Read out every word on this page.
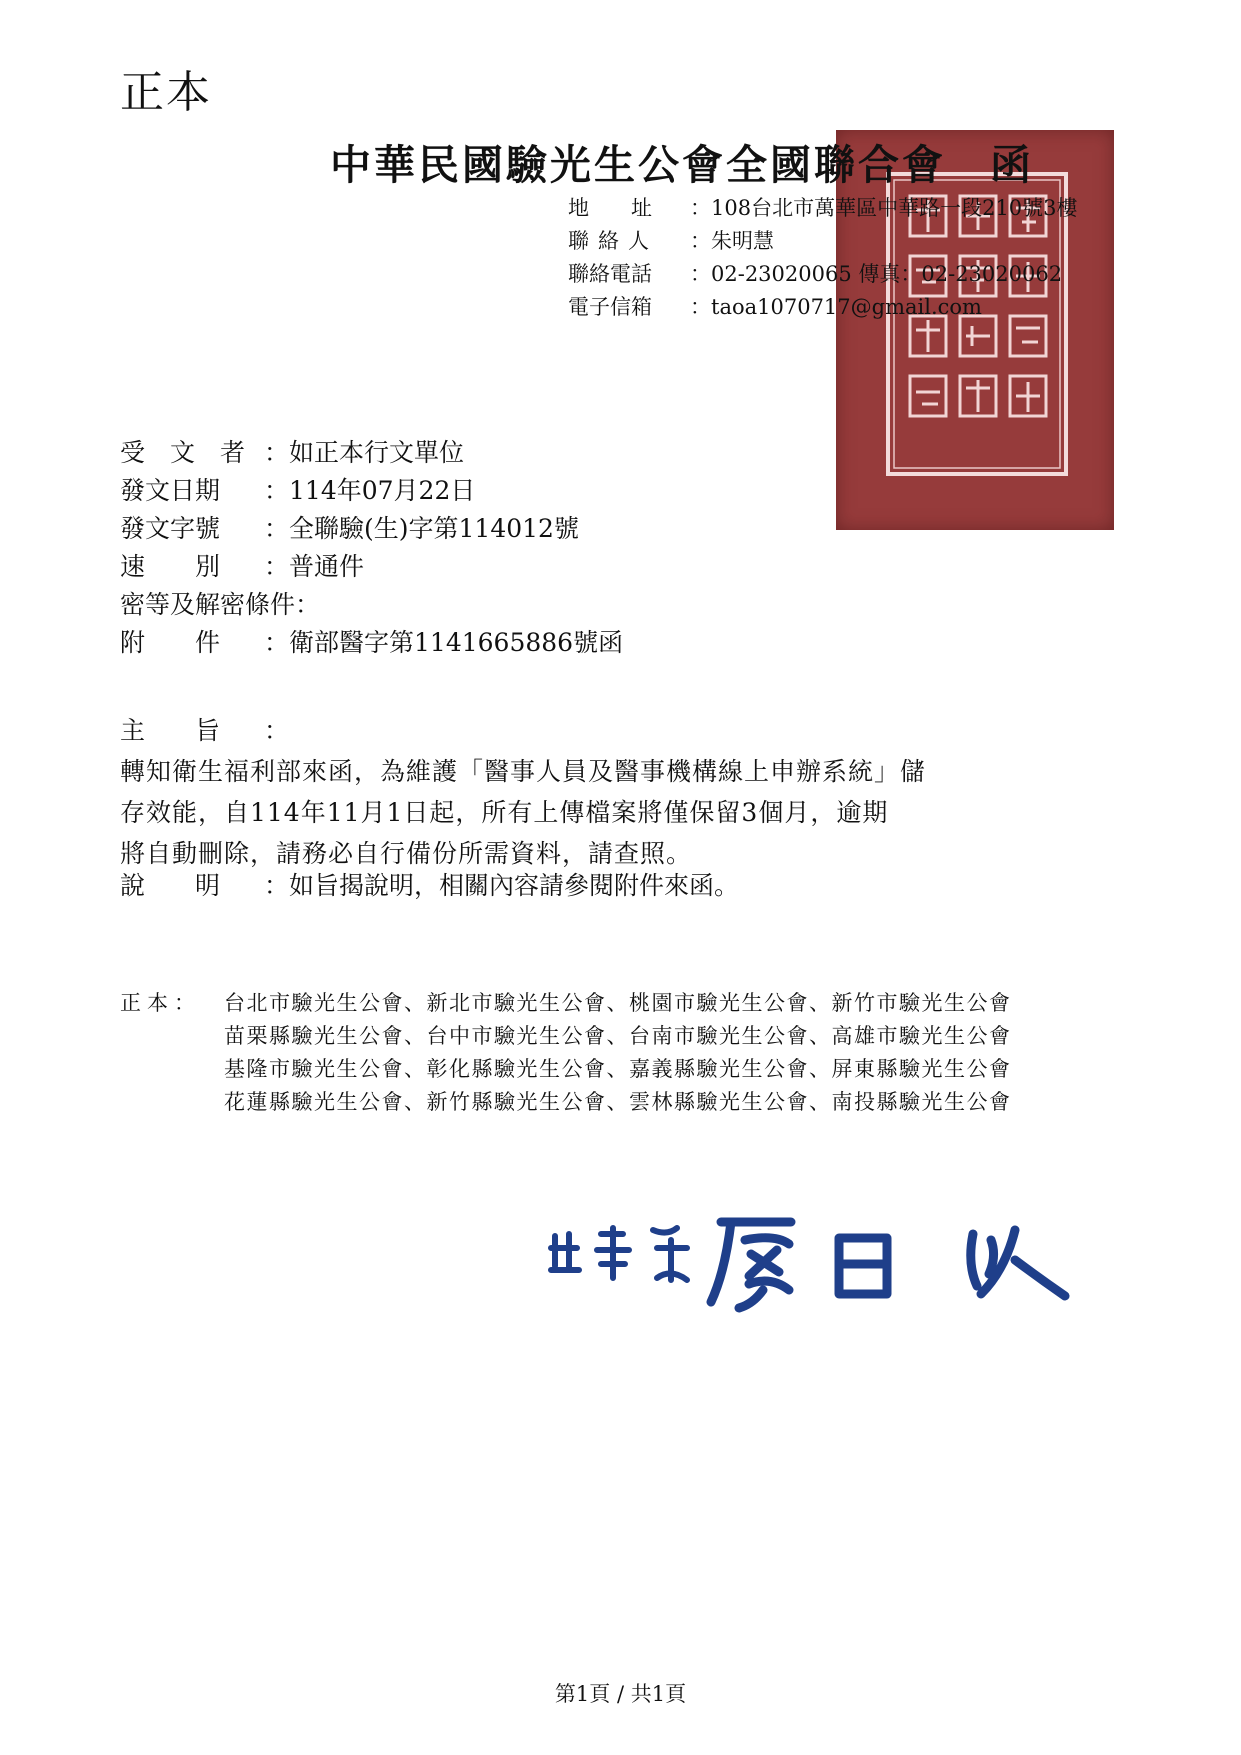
正本
中華民國驗光生公會全國聯合會　函
地　　址 ：108台北市萬華區中華路一段210號3樓
聯絡人 ：朱明慧
聯絡電話 ：02-23020065 傳真：02-23020062
電子信箱 ：taoa1070717@gmail.com
受　文　者 ：如正本行文單位
發文日期 ：114年07月22日
發文字號 ：全聯驗(生)字第114012號
速　　別 ：普通件
密等及解密條件：
附　　件 ：衛部醫字第1141665886號函
主　　旨 ：
轉知衛生福利部來函，為維護「醫事人員及醫事機構線上申辦系統」儲
存效能，自114年11月1日起，所有上傳檔案將僅保留3個月，逾期
將自動刪除，請務必自行備份所需資料，請查照。
說　　明 ：如旨揭說明，相關內容請參閱附件來函。
正本： 台北市驗光生公會、新北市驗光生公會、桃園市驗光生公會、新竹市驗光生公會
苗栗縣驗光生公會、台中市驗光生公會、台南市驗光生公會、高雄市驗光生公會
基隆市驗光生公會、彰化縣驗光生公會、嘉義縣驗光生公會、屏東縣驗光生公會
花蓮縣驗光生公會、新竹縣驗光生公會、雲林縣驗光生公會、南投縣驗光生公會
第1頁 / 共1頁
